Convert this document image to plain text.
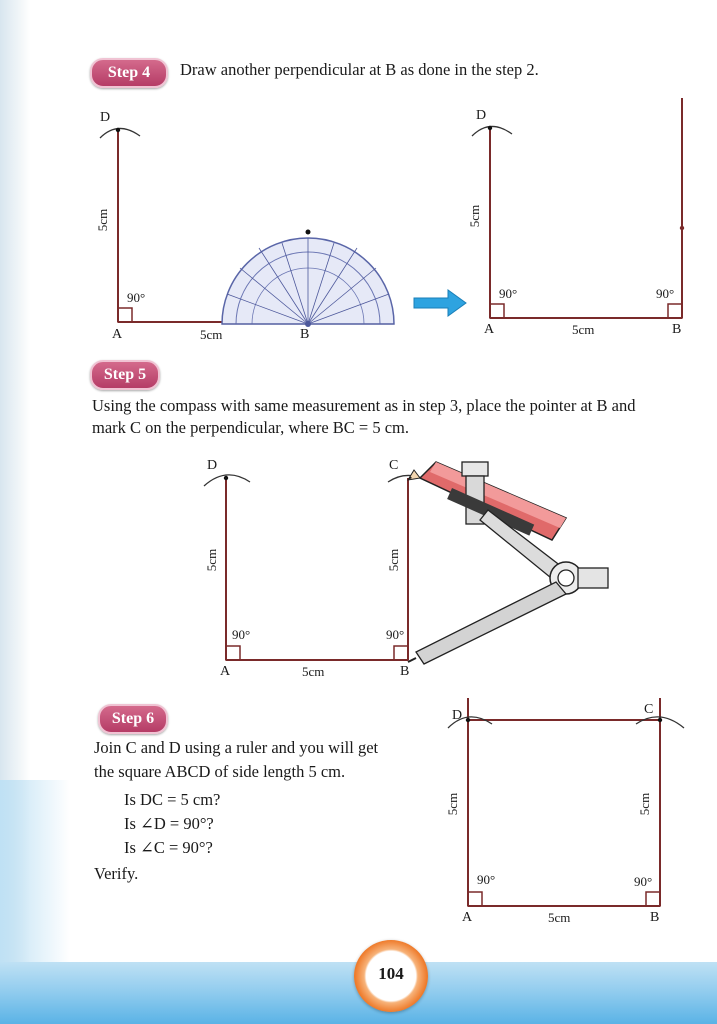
Step 4	Draw another perpendicular at B as done in the step 2.
D
A	B
5cm
5cm
90°
D
A	B
5cm
5cm
90°	90°
Step 5
Using the compass with same measurement as in step 3, place the pointer at B and
mark C on the perpendicular, where BC = 5 cm.
D	C
A	B
5cm	5cm
5cm
90°	90°
Step 6
Join C and D using a ruler and you will get
the square ABCD of side length 5 cm.
Is DC = 5 cm?
Is ∠D = 90°?
Is ∠C = 90°?
Verify.
D	C
A	B
5cm	5cm
5cm
90°	90°
104
